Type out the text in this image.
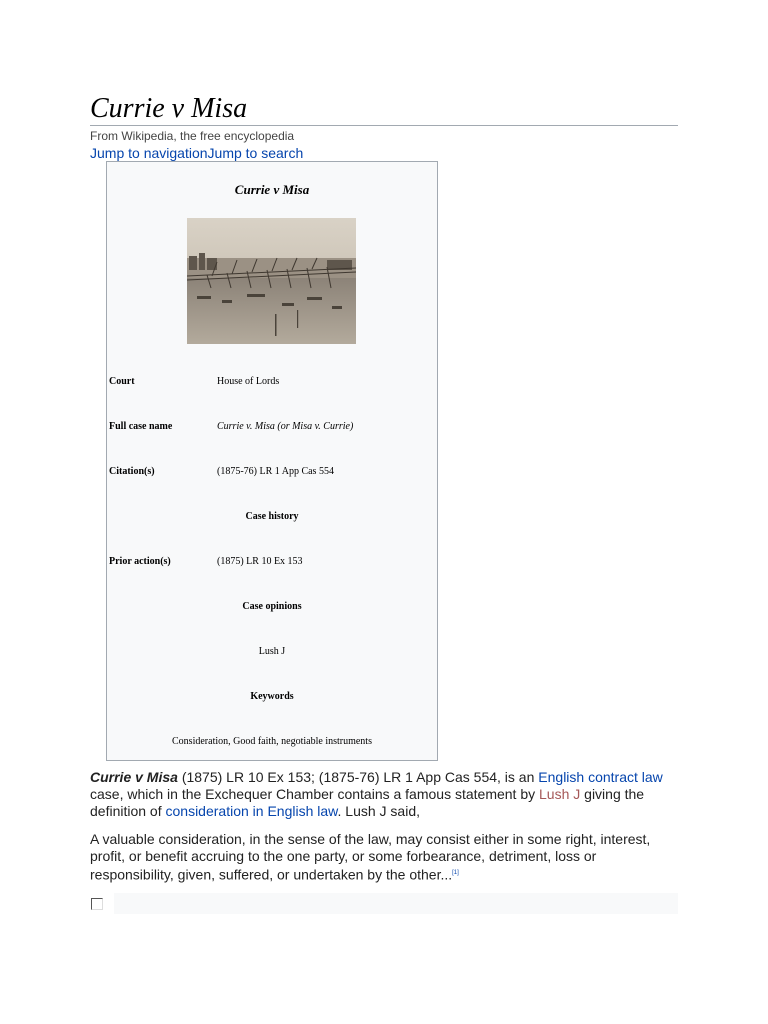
Currie v Misa
From Wikipedia, the free encyclopedia
Jump to navigationJump to search
Currie v Misa
Court	House of Lords
Full case name	Currie v. Misa (or Misa v. Currie)
Citation(s)	(1875-76) LR 1 App Cas 554
Case history
Prior action(s)	(1875) LR 10 Ex 153
Case opinions
Lush J
Keywords
Consideration, Good faith, negotiable instruments

Currie v Misa (1875) LR 10 Ex 153; (1875-76) LR 1 App Cas 554, is an English contract law case, which in the Exchequer Chamber contains a famous statement by Lush J giving the definition of consideration in English law. Lush J said,

A valuable consideration, in the sense of the law, may consist either in some right, interest, profit, or benefit accruing to the one party, or some forbearance, detriment, loss or responsibility, given, suffered, or undertaken by the other...[1]
